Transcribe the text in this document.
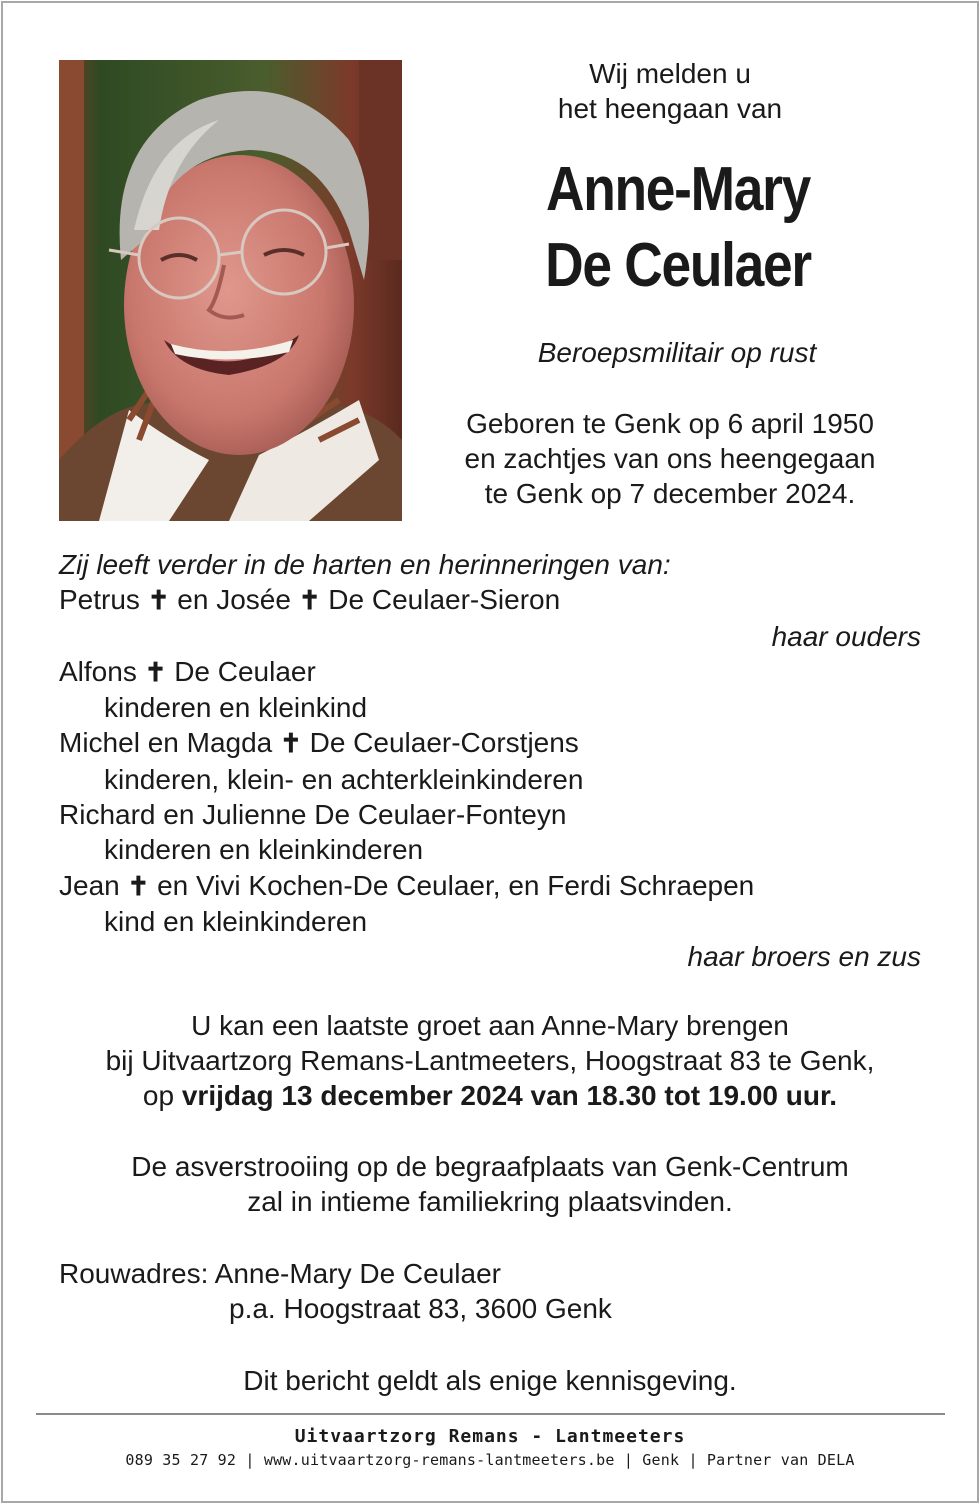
Wij melden u
het heengaan van
Anne-Mary
De Ceulaer
Beroepsmilitair op rust
Geboren te Genk op 6 april 1950
en zachtjes van ons heengegaan
te Genk op 7 december 2024.
Zij leeft verder in de harten en herinneringen van:
Petrus ✝ en Josée ✝ De Ceulaer-Sieron
haar ouders
Alfons ✝ De Ceulaer
kinderen en kleinkind
Michel en Magda ✝ De Ceulaer-Corstjens
kinderen, klein- en achterkleinkinderen
Richard en Julienne De Ceulaer-Fonteyn
kinderen en kleinkinderen
Jean ✝ en Vivi Kochen-De Ceulaer, en Ferdi Schraepen
kind en kleinkinderen
haar broers en zus
U kan een laatste groet aan Anne-Mary brengen
bij Uitvaartzorg Remans-Lantmeeters, Hoogstraat 83 te Genk,
op vrijdag 13 december 2024 van 18.30 tot 19.00 uur.
De asverstrooiing op de begraafplaats van Genk-Centrum
zal in intieme familiekring plaatsvinden.
Rouwadres: Anne-Mary De Ceulaer
p.a. Hoogstraat 83, 3600 Genk
Dit bericht geldt als enige kennisgeving.
Uitvaartzorg Remans - Lantmeeters
089 35 27 92 | www.uitvaartzorg-remans-lantmeeters.be | Genk | Partner van DELA
